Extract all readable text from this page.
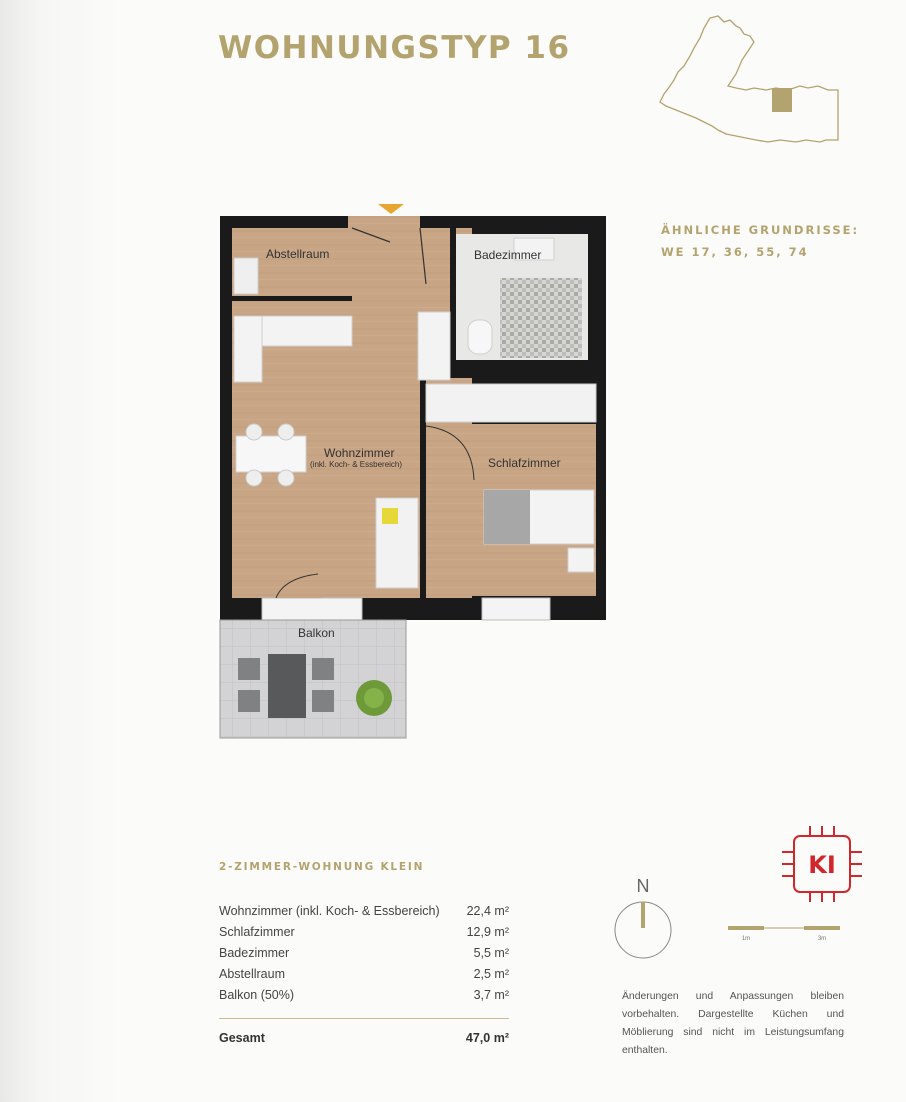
WOHNUNGSTYP 16
ÄHNLICHE GRUNDRISSE:
WE 17, 36, 55, 74
Abstellraum	Badezimmer
Wohnzimmer
(inkl. Koch- & Essbereich)	Schlafzimmer
Balkon
2-ZIMMER-WOHNUNG KLEIN
Wohnzimmer (inkl. Koch- & Essbereich) 22,4 m²
Schlafzimmer	12,9 m²
Badezimmer	5,5 m²
Abstellraum	2,5 m²
Balkon (50%)	3,7 m²
Gesamt	47,0 m²
N
1m	3m
KI
Änderungen und Anpassungen bleiben vorbehalten. Dargestellte Küchen und Möblierung sind nicht im Leistungsumfang enthalten.
